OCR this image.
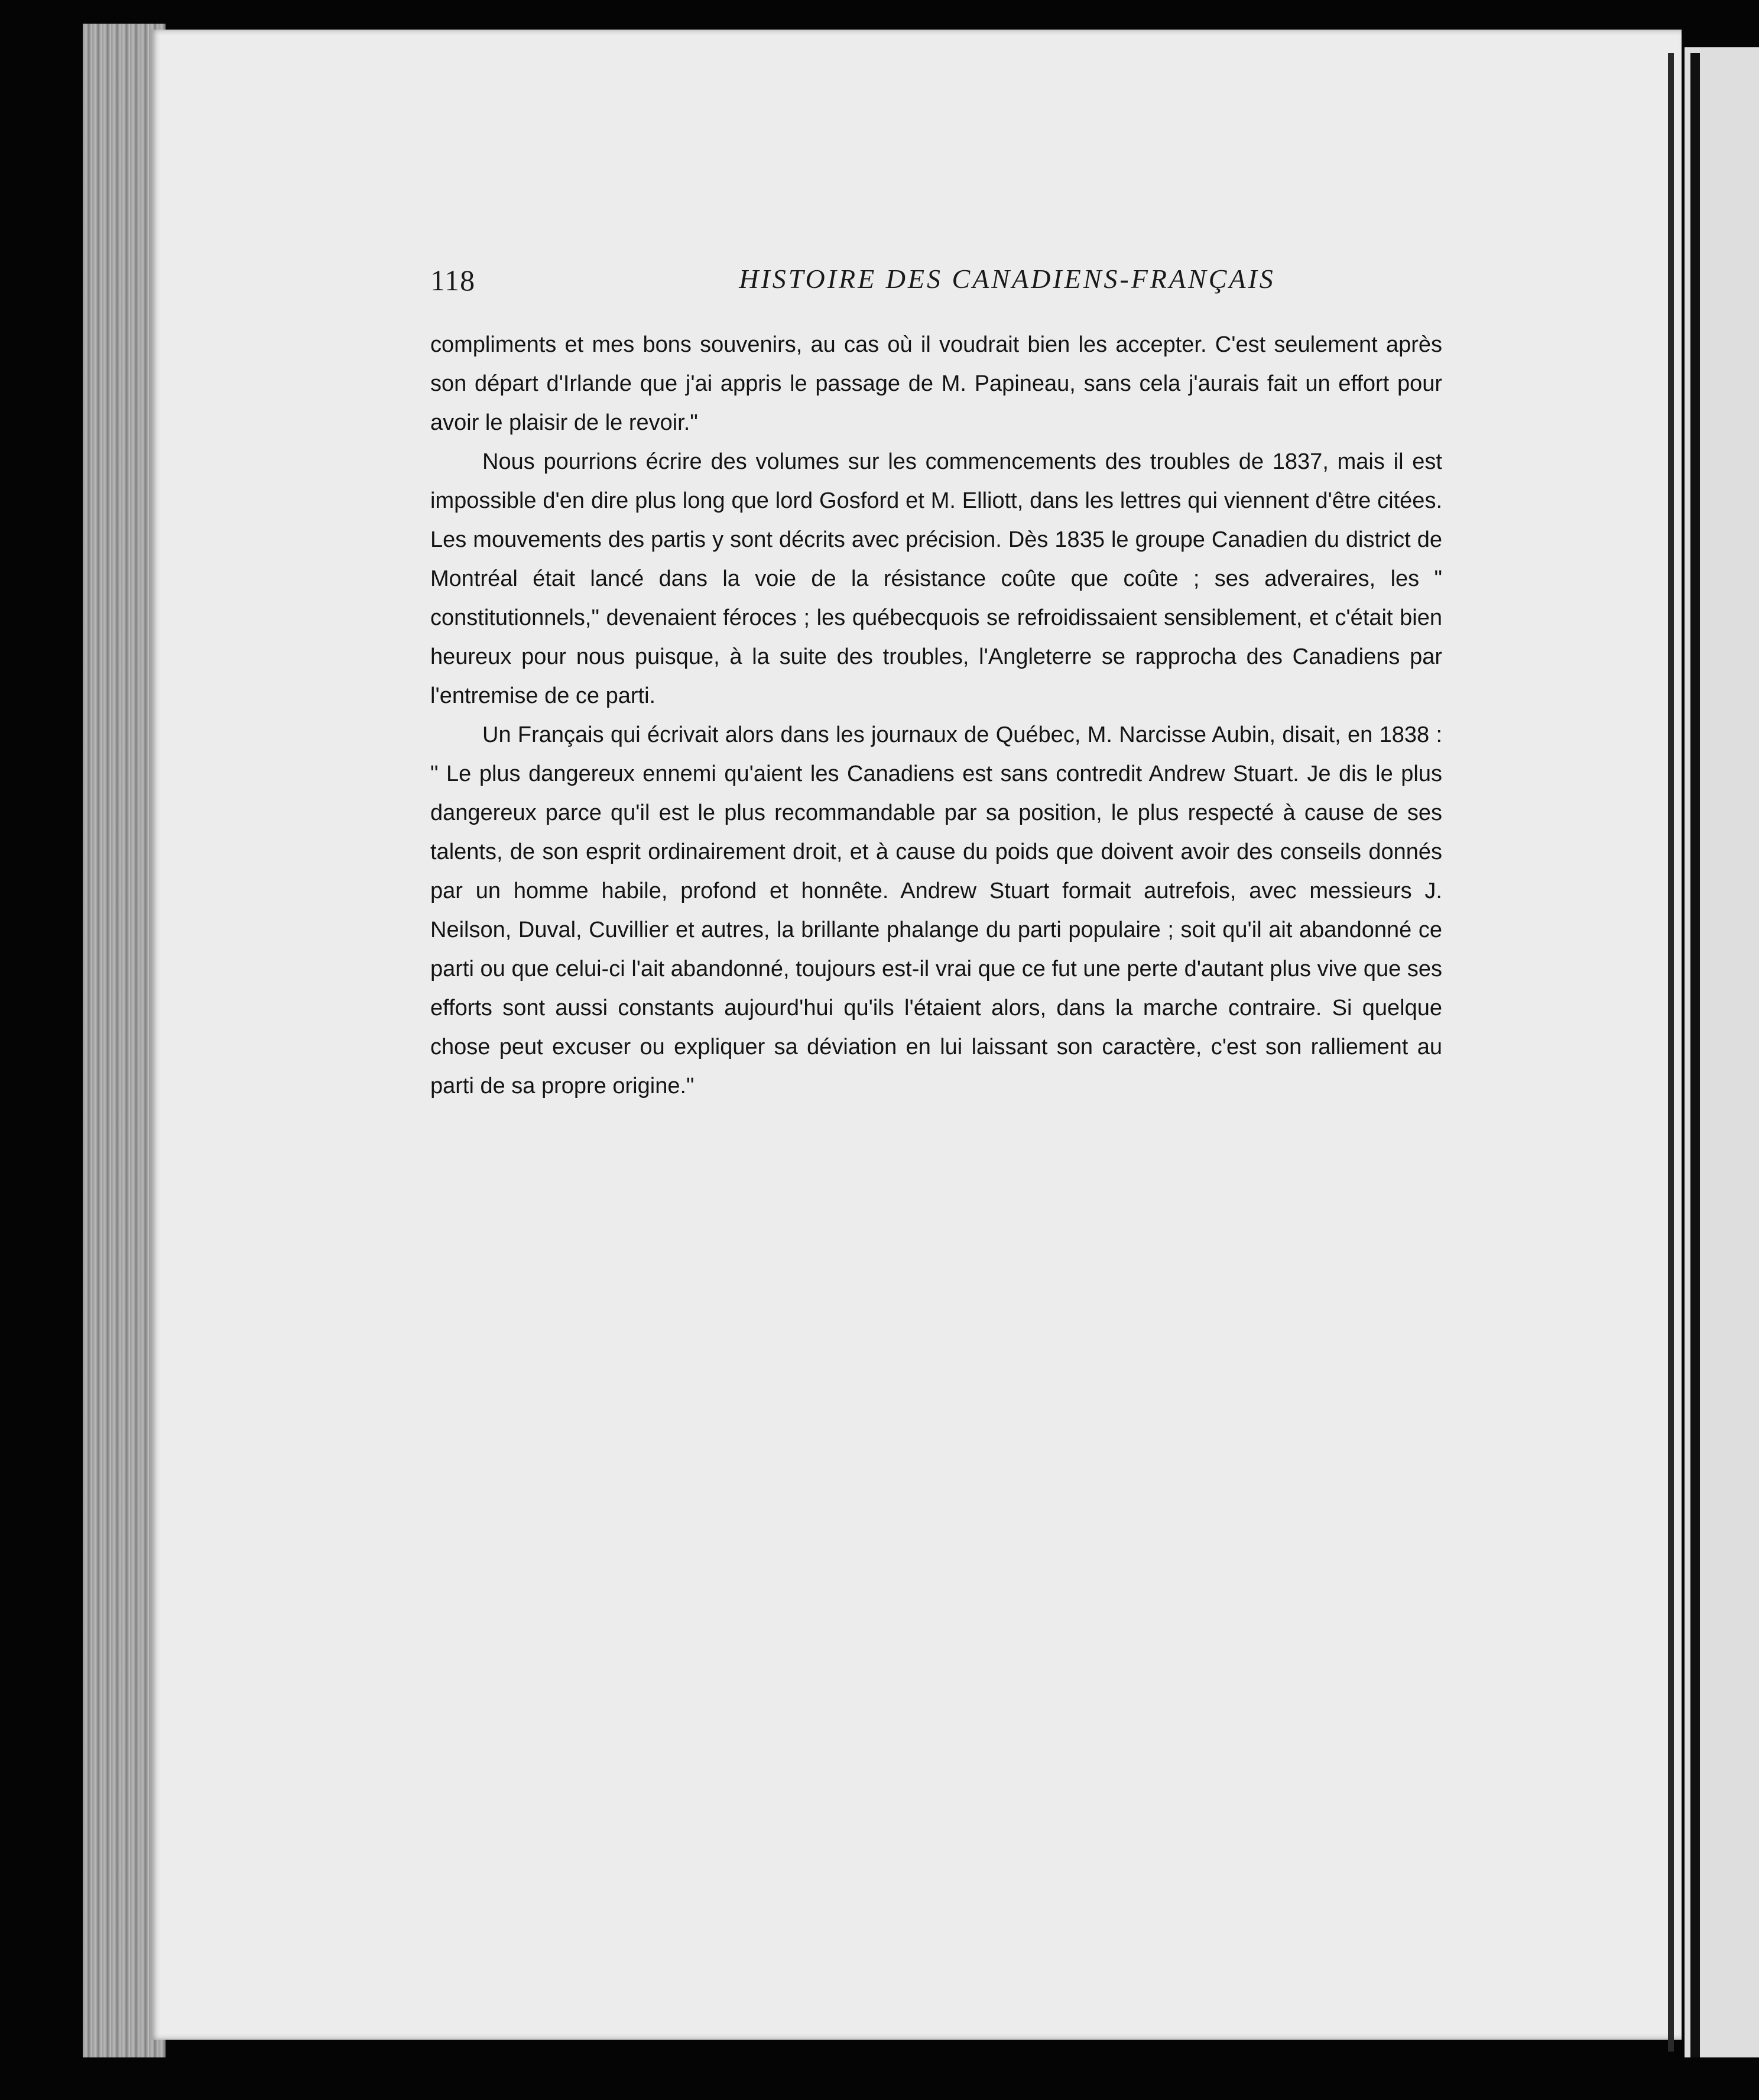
118	HISTOIRE DES CANADIENS-FRANÇAIS

compliments et mes bons souvenirs, au cas où il voudrait bien les accepter. C'est seulement après son départ d'Irlande que j'ai appris le passage de M. Papineau, sans cela j'aurais fait un effort pour avoir le plaisir de le revoir."

Nous pourrions écrire des volumes sur les commencements des troubles de 1837, mais il est impossible d'en dire plus long que lord Gosford et M. Elliott, dans les lettres qui viennent d'être citées. Les mouvements des partis y sont décrits avec précision. Dès 1835 le groupe Canadien du district de Montréal était lancé dans la voie de la résistance coûte que coûte ; ses adveraires, les " constitutionnels," devenaient féroces ; les québecquois se refroidissaient sensiblement, et c'était bien heureux pour nous puisque, à la suite des troubles, l'Angleterre se rapprocha des Canadiens par l'entremise de ce parti.

Un Français qui écrivait alors dans les journaux de Québec, M. Narcisse Aubin, disait, en 1838 : " Le plus dangereux ennemi qu'aient les Canadiens est sans contredit Andrew Stuart. Je dis le plus dangereux parce qu'il est le plus recommandable par sa position, le plus respecté à cause de ses talents, de son esprit ordinairement droit, et à cause du poids que doivent avoir des conseils donnés par un homme habile, profond et honnête. Andrew Stuart formait autrefois, avec messieurs J. Neilson, Duval, Cuvillier et autres, la brillante phalange du parti populaire ; soit qu'il ait abandonné ce parti ou que celui-ci l'ait abandonné, toujours est-il vrai que ce fut une perte d'autant plus vive que ses efforts sont aussi constants aujourd'hui qu'ils l'étaient alors, dans la marche contraire. Si quelque chose peut excuser ou expliquer sa déviation en lui laissant son caractère, c'est son ralliement au parti de sa propre origine."
